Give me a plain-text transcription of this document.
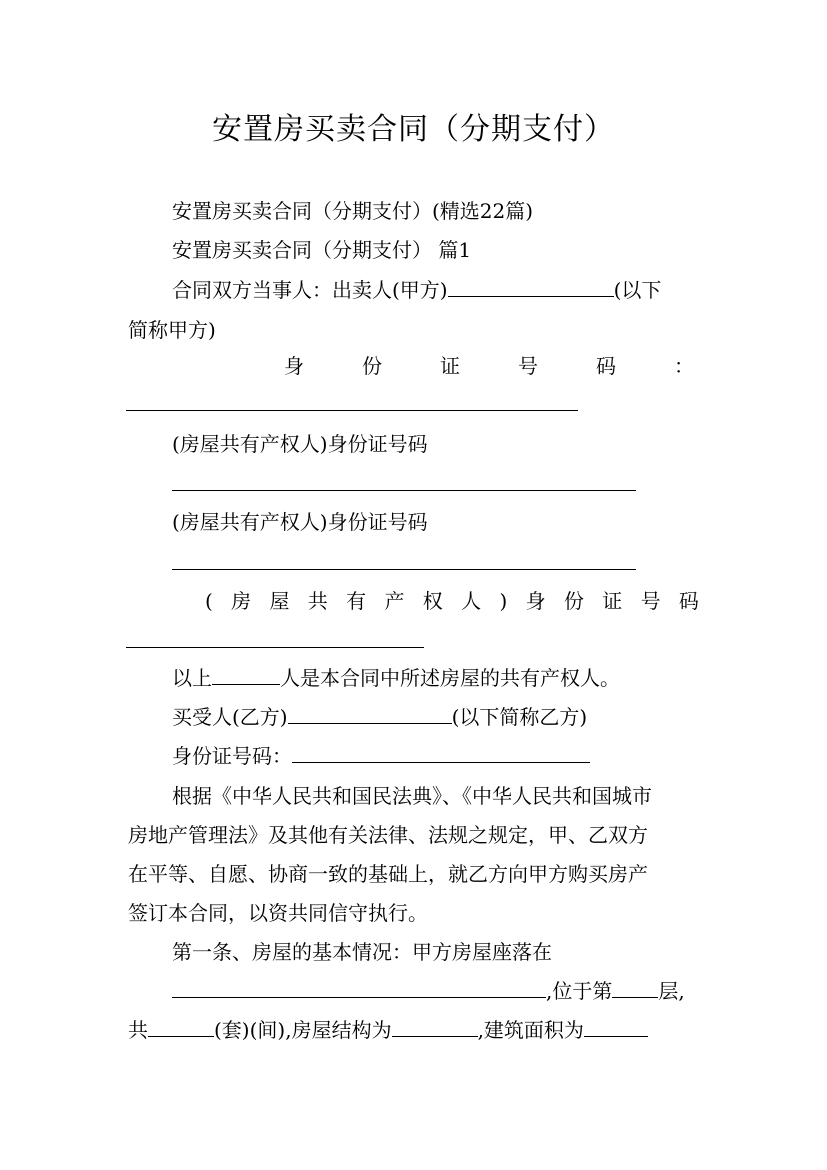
安置房买卖合同（分期支付）
安置房买卖合同（分期支付）(精选22篇)
安置房买卖合同（分期支付） 篇1
合同双方当事人：出卖人(甲方)	(以下
简称甲方)
身	份	证	号	码	：
(房屋共有产权人)身份证号码
(房屋共有产权人)身份证号码
( 房 屋 共 有 产 权 人 ) 身 份 证 号 码
以上	人是本合同中所述房屋的共有产权人。
买受人(乙方)	(以下简称乙方)
身份证号码：
根据《中华人民共和国民法典》、《中华人民共和国城市
房地产管理法》及其他有关法律、法规之规定，甲、乙双方
在平等、自愿、协商一致的基础上，就乙方向甲方购买房产
签订本合同，以资共同信守执行。
第一条、房屋的基本情况：甲方房屋座落在
,位于第 层,
共	(套)(间),房屋结构为	,建筑面积为
